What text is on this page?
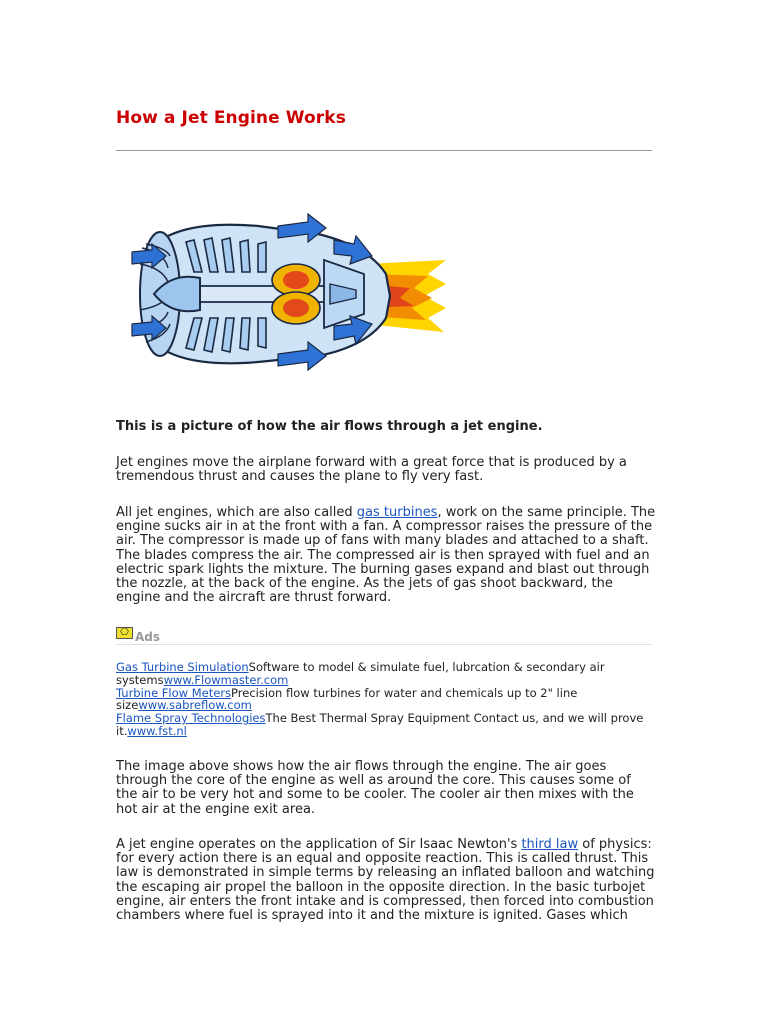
How a Jet Engine Works

This is a picture of how the air flows through a jet engine.

Jet engines move the airplane forward with a great force that is produced by a tremendous thrust and causes the plane to fly very fast.

All jet engines, which are also called gas turbines, work on the same principle. The engine sucks air in at the front with a fan. A compressor raises the pressure of the air. The compressor is made up of fans with many blades and attached to a shaft. The blades compress the air. The compressed air is then sprayed with fuel and an electric spark lights the mixture. The burning gases expand and blast out through the nozzle, at the back of the engine. As the jets of gas shoot backward, the engine and the aircraft are thrust forward.

⎔ Ads

Gas Turbine SimulationSoftware to model & simulate fuel, lubrcation & secondary air systemswww.Flowmaster.com

Turbine Flow MetersPrecision flow turbines for water and chemicals up to 2" line sizewww.sabreflow.com

Flame Spray TechnologiesThe Best Thermal Spray Equipment Contact us, and we will prove it.www.fst.nl

The image above shows how the air flows through the engine. The air goes through the core of the engine as well as around the core. This causes some of the air to be very hot and some to be cooler. The cooler air then mixes with the hot air at the engine exit area.

A jet engine operates on the application of Sir Isaac Newton's third law of physics: for every action there is an equal and opposite reaction. This is called thrust. This law is demonstrated in simple terms by releasing an inflated balloon and watching the escaping air propel the balloon in the opposite direction. In the basic turbojet engine, air enters the front intake and is compressed, then forced into combustion chambers where fuel is sprayed into it and the mixture is ignited. Gases which
